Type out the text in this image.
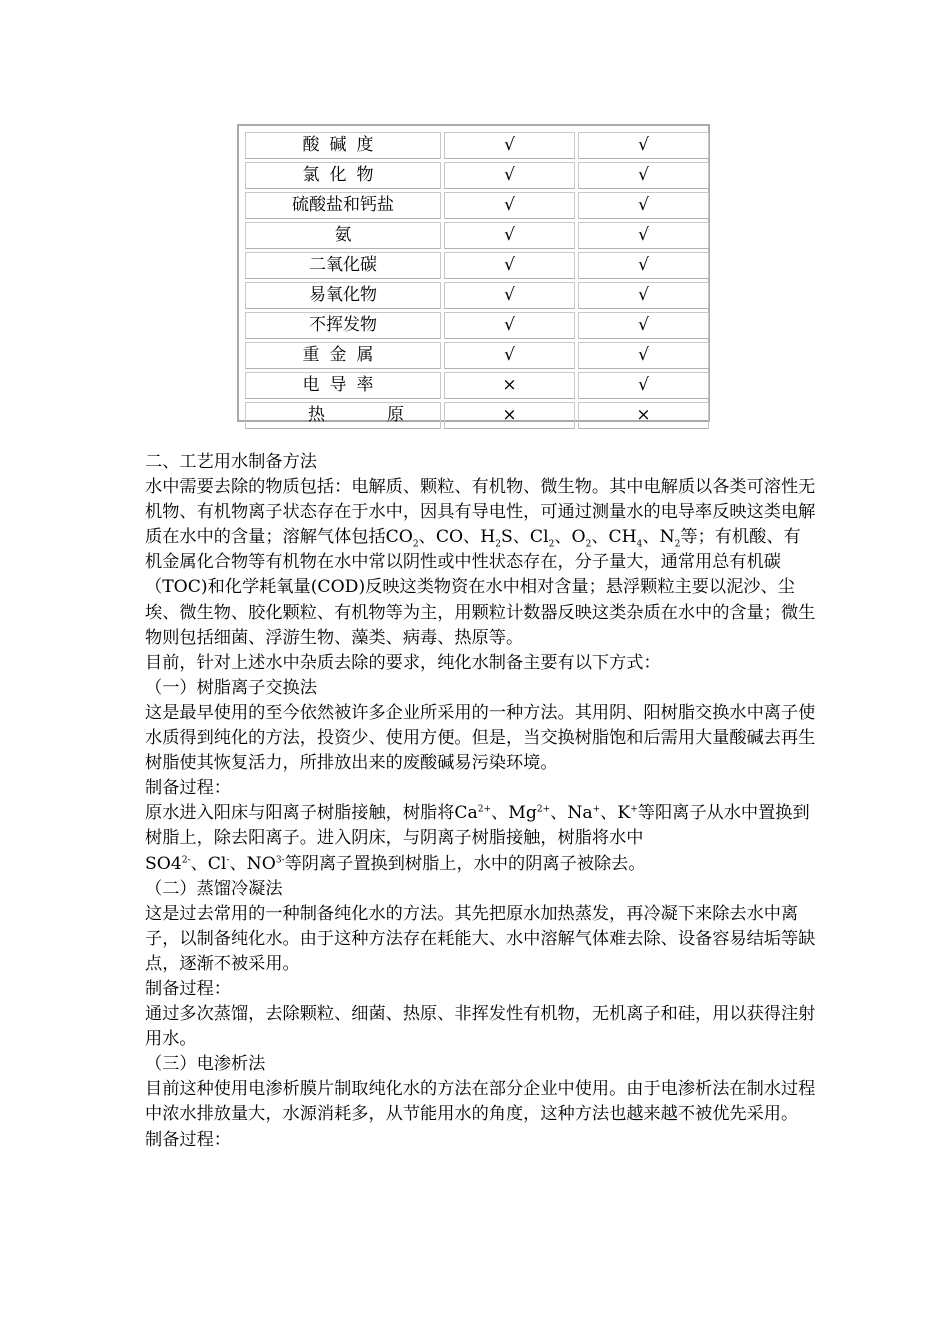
酸碱度	√	√
氯化物	√	√
硫酸盐和钙盐	√	√
氨	√	√
二氧化碳	√	√
易氧化物	√	√
不挥发物	√	√
重金属	√	√
电导率	×	√
热原	×	×

二、工艺用水制备方法

水中需要去除的物质包括：电解质、颗粒、有机物、微生物。其中电解质以各类可溶性无机物、有机物离子状态存在于水中，因具有导电性，可通过测量水的电导率反映这类电解质在水中的含量；溶解气体包括$CO_2$、CO、$H_2S$、$Cl_2$、$O_2$、$CH_4$、$N_2$等；有机酸、有机金属化合物等有机物在水中常以阴性或中性状态存在，分子量大，通常用总有机碳（TOC)和化学耗氧量(COD)反映这类物资在水中相对含量；悬浮颗粒主要以泥沙、尘埃、微生物、胶化颗粒、有机物等为主，用颗粒计数器反映这类杂质在水中的含量；微生物则包括细菌、浮游生物、藻类、病毒、热原等。

目前，针对上述水中杂质去除的要求，纯化水制备主要有以下方式：

（一）树脂离子交换法

这是最早使用的至今依然被许多企业所采用的一种方法。其用阴、阳树脂交换水中离子使水质得到纯化的方法，投资少、使用方便。但是，当交换树脂饱和后需用大量酸碱去再生树脂使其恢复活力，所排放出来的废酸碱易污染环境。

制备过程：

原水进入阳床与阳离子树脂接触，树脂将$Ca^{2+}$、$Mg^{2+}$、Na+、K+等阳离子从水中置换到树脂上，除去阳离子。进入阴床，与阴离子树脂接触，树脂将水中
$SO4^{2-}$、Cl-、$NO^{3-}$等阴离子置换到树脂上，水中的阴离子被除去。

（二）蒸馏冷凝法

这是过去常用的一种制备纯化水的方法。其先把原水加热蒸发，再冷凝下来除去水中离子，以制备纯化水。由于这种方法存在耗能大、水中溶解气体难去除、设备容易结垢等缺点，逐渐不被采用。

制备过程：

通过多次蒸馏，去除颗粒、细菌、热原、非挥发性有机物，无机离子和硅，用以获得注射用水。

（三）电渗析法

目前这种使用电渗析膜片制取纯化水的方法在部分企业中使用。由于电渗析法在制水过程中浓水排放量大，水源消耗多，从节能用水的角度，这种方法也越来越不被优先采用。

制备过程：
